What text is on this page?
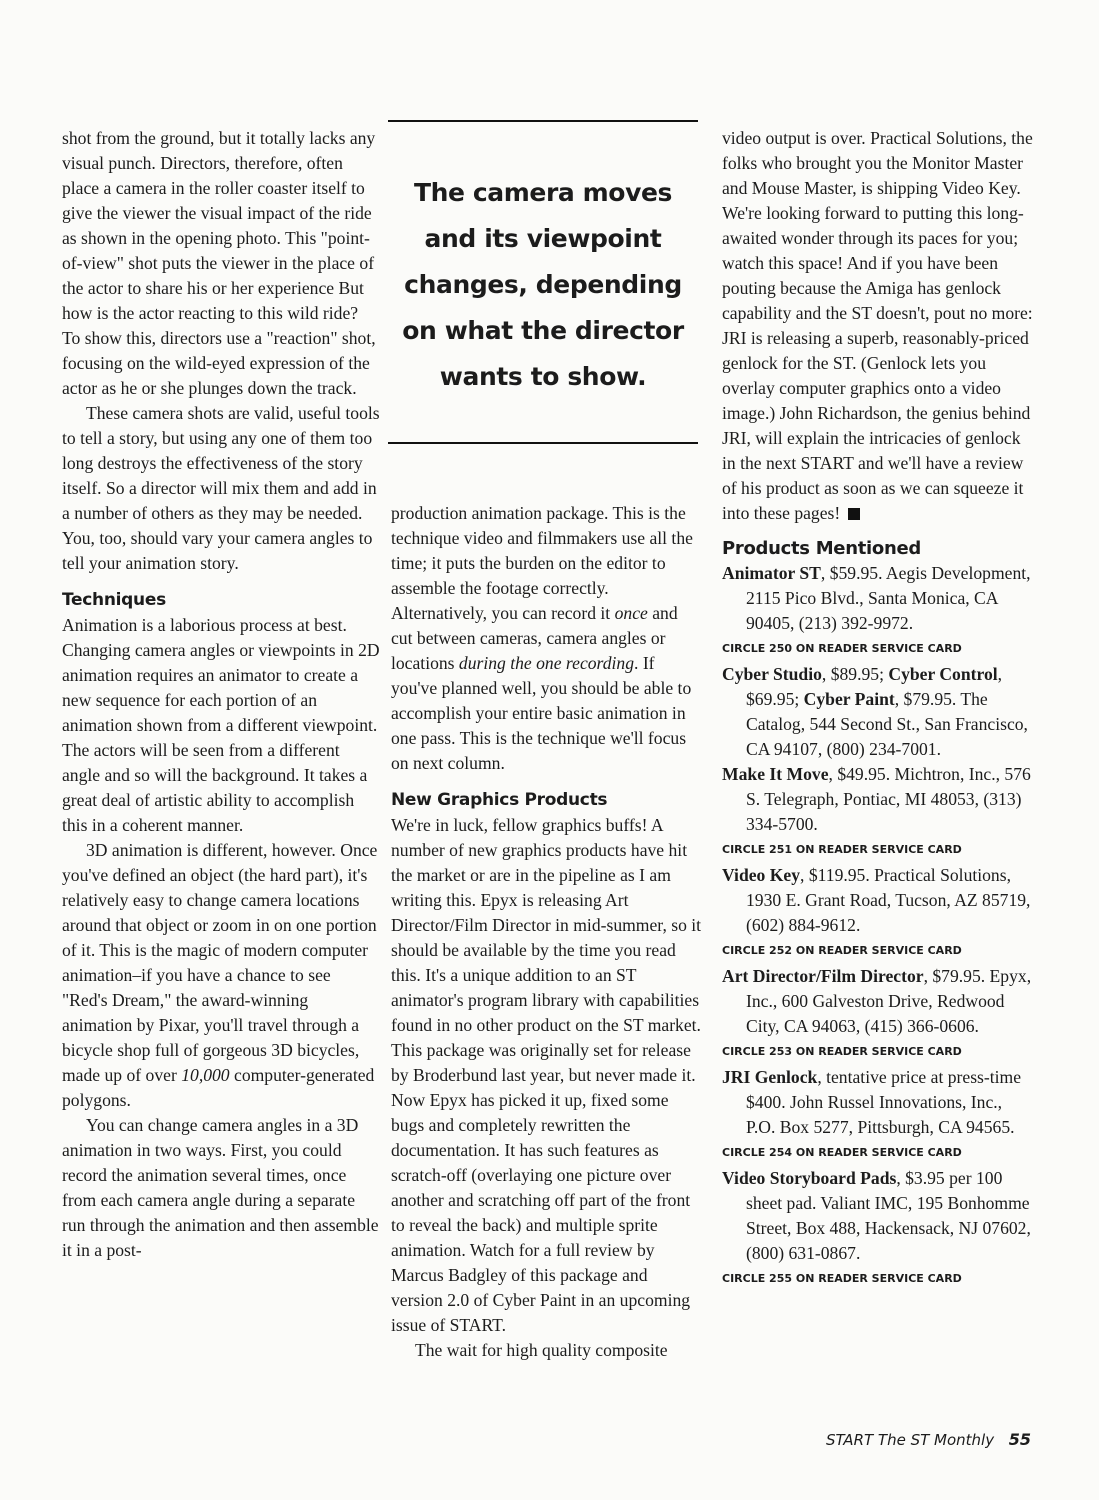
shot from the ground, but it totally lacks any visual punch. Directors, therefore, often place a camera in the roller coaster itself to give the viewer the visual impact of the ride as shown in the opening photo. This "point-of-view" shot puts the viewer in the place of the actor to share his or her experience But how is the actor reacting to this wild ride? To show this, directors use a "reaction" shot, focusing on the wild-eyed expression of the actor as he or she plunges down the track.

These camera shots are valid, useful tools to tell a story, but using any one of them too long destroys the effectiveness of the story itself. So a director will mix them and add in a number of others as they may be needed. You, too, should vary your camera angles to tell your animation story.

Techniques

Animation is a laborious process at best. Changing camera angles or viewpoints in 2D animation requires an animator to create a new sequence for each portion of an animation shown from a different viewpoint. The actors will be seen from a different angle and so will the background. It takes a great deal of artistic ability to accomplish this in a coherent manner.

3D animation is different, however. Once you've defined an object (the hard part), it's relatively easy to change camera locations around that object or zoom in on one portion of it. This is the magic of modern computer animation–if you have a chance to see "Red's Dream," the award-winning animation by Pixar, you'll travel through a bicycle shop full of gorgeous 3D bicycles, made up of over 10,000 computer-generated polygons.

You can change camera angles in a 3D animation in two ways. First, you could record the animation several times, once from each camera angle during a separate run through the animation and then assemble it in a post-

The camera moves and its viewpoint changes, depending on what the director wants to show.

production animation package. This is the technique video and filmmakers use all the time; it puts the burden on the editor to assemble the footage correctly. Alternatively, you can record it once and cut between cameras, camera angles or locations during the one recording. If you've planned well, you should be able to accomplish your entire basic animation in one pass. This is the technique we'll focus on next column.

New Graphics Products

We're in luck, fellow graphics buffs! A number of new graphics products have hit the market or are in the pipeline as I am writing this. Epyx is releasing Art Director/Film Director in mid-summer, so it should be available by the time you read this. It's a unique addition to an ST animator's program library with capabilities found in no other product on the ST market. This package was originally set for release by Broderbund last year, but never made it. Now Epyx has picked it up, fixed some bugs and completely rewritten the documentation. It has such features as scratch-off (overlaying one picture over another and scratching off part of the front to reveal the back) and multiple sprite animation. Watch for a full review by Marcus Badgley of this package and version 2.0 of Cyber Paint in an upcoming issue of START.

The wait for high quality composite

video output is over. Practical Solutions, the folks who brought you the Monitor Master and Mouse Master, is shipping Video Key. We're looking forward to putting this long-awaited wonder through its paces for you; watch this space! And if you have been pouting because the Amiga has genlock capability and the ST doesn't, pout no more: JRI is releasing a superb, reasonably-priced genlock for the ST. (Genlock lets you overlay computer graphics onto a video image.) John Richardson, the genius behind JRI, will explain the intricacies of genlock in the next START and we'll have a review of his product as soon as we can squeeze it into these pages!

Products Mentioned

Animator ST, $59.95. Aegis Development, 2115 Pico Blvd., Santa Monica, CA 90405, (213) 392-9972.

CIRCLE 250 ON READER SERVICE CARD

Cyber Studio, $89.95; Cyber Control, $69.95; Cyber Paint, $79.95. The Catalog, 544 Second St., San Francisco, CA 94107, (800) 234-7001.

Make It Move, $49.95. Michtron, Inc., 576 S. Telegraph, Pontiac, MI 48053, (313) 334-5700.

CIRCLE 251 ON READER SERVICE CARD

Video Key, $119.95. Practical Solutions, 1930 E. Grant Road, Tucson, AZ 85719, (602) 884-9612.

CIRCLE 252 ON READER SERVICE CARD

Art Director/Film Director, $79.95. Epyx, Inc., 600 Galveston Drive, Redwood City, CA 94063, (415) 366-0606.

CIRCLE 253 ON READER SERVICE CARD

JRI Genlock, tentative price at press-time $400. John Russel Innovations, Inc., P.O. Box 5277, Pittsburgh, CA 94565.

CIRCLE 254 ON READER SERVICE CARD

Video Storyboard Pads, $3.95 per 100 sheet pad. Valiant IMC, 195 Bonhomme Street, Box 488, Hackensack, NJ 07602, (800) 631-0867.

CIRCLE 255 ON READER SERVICE CARD

START The ST Monthly 55
